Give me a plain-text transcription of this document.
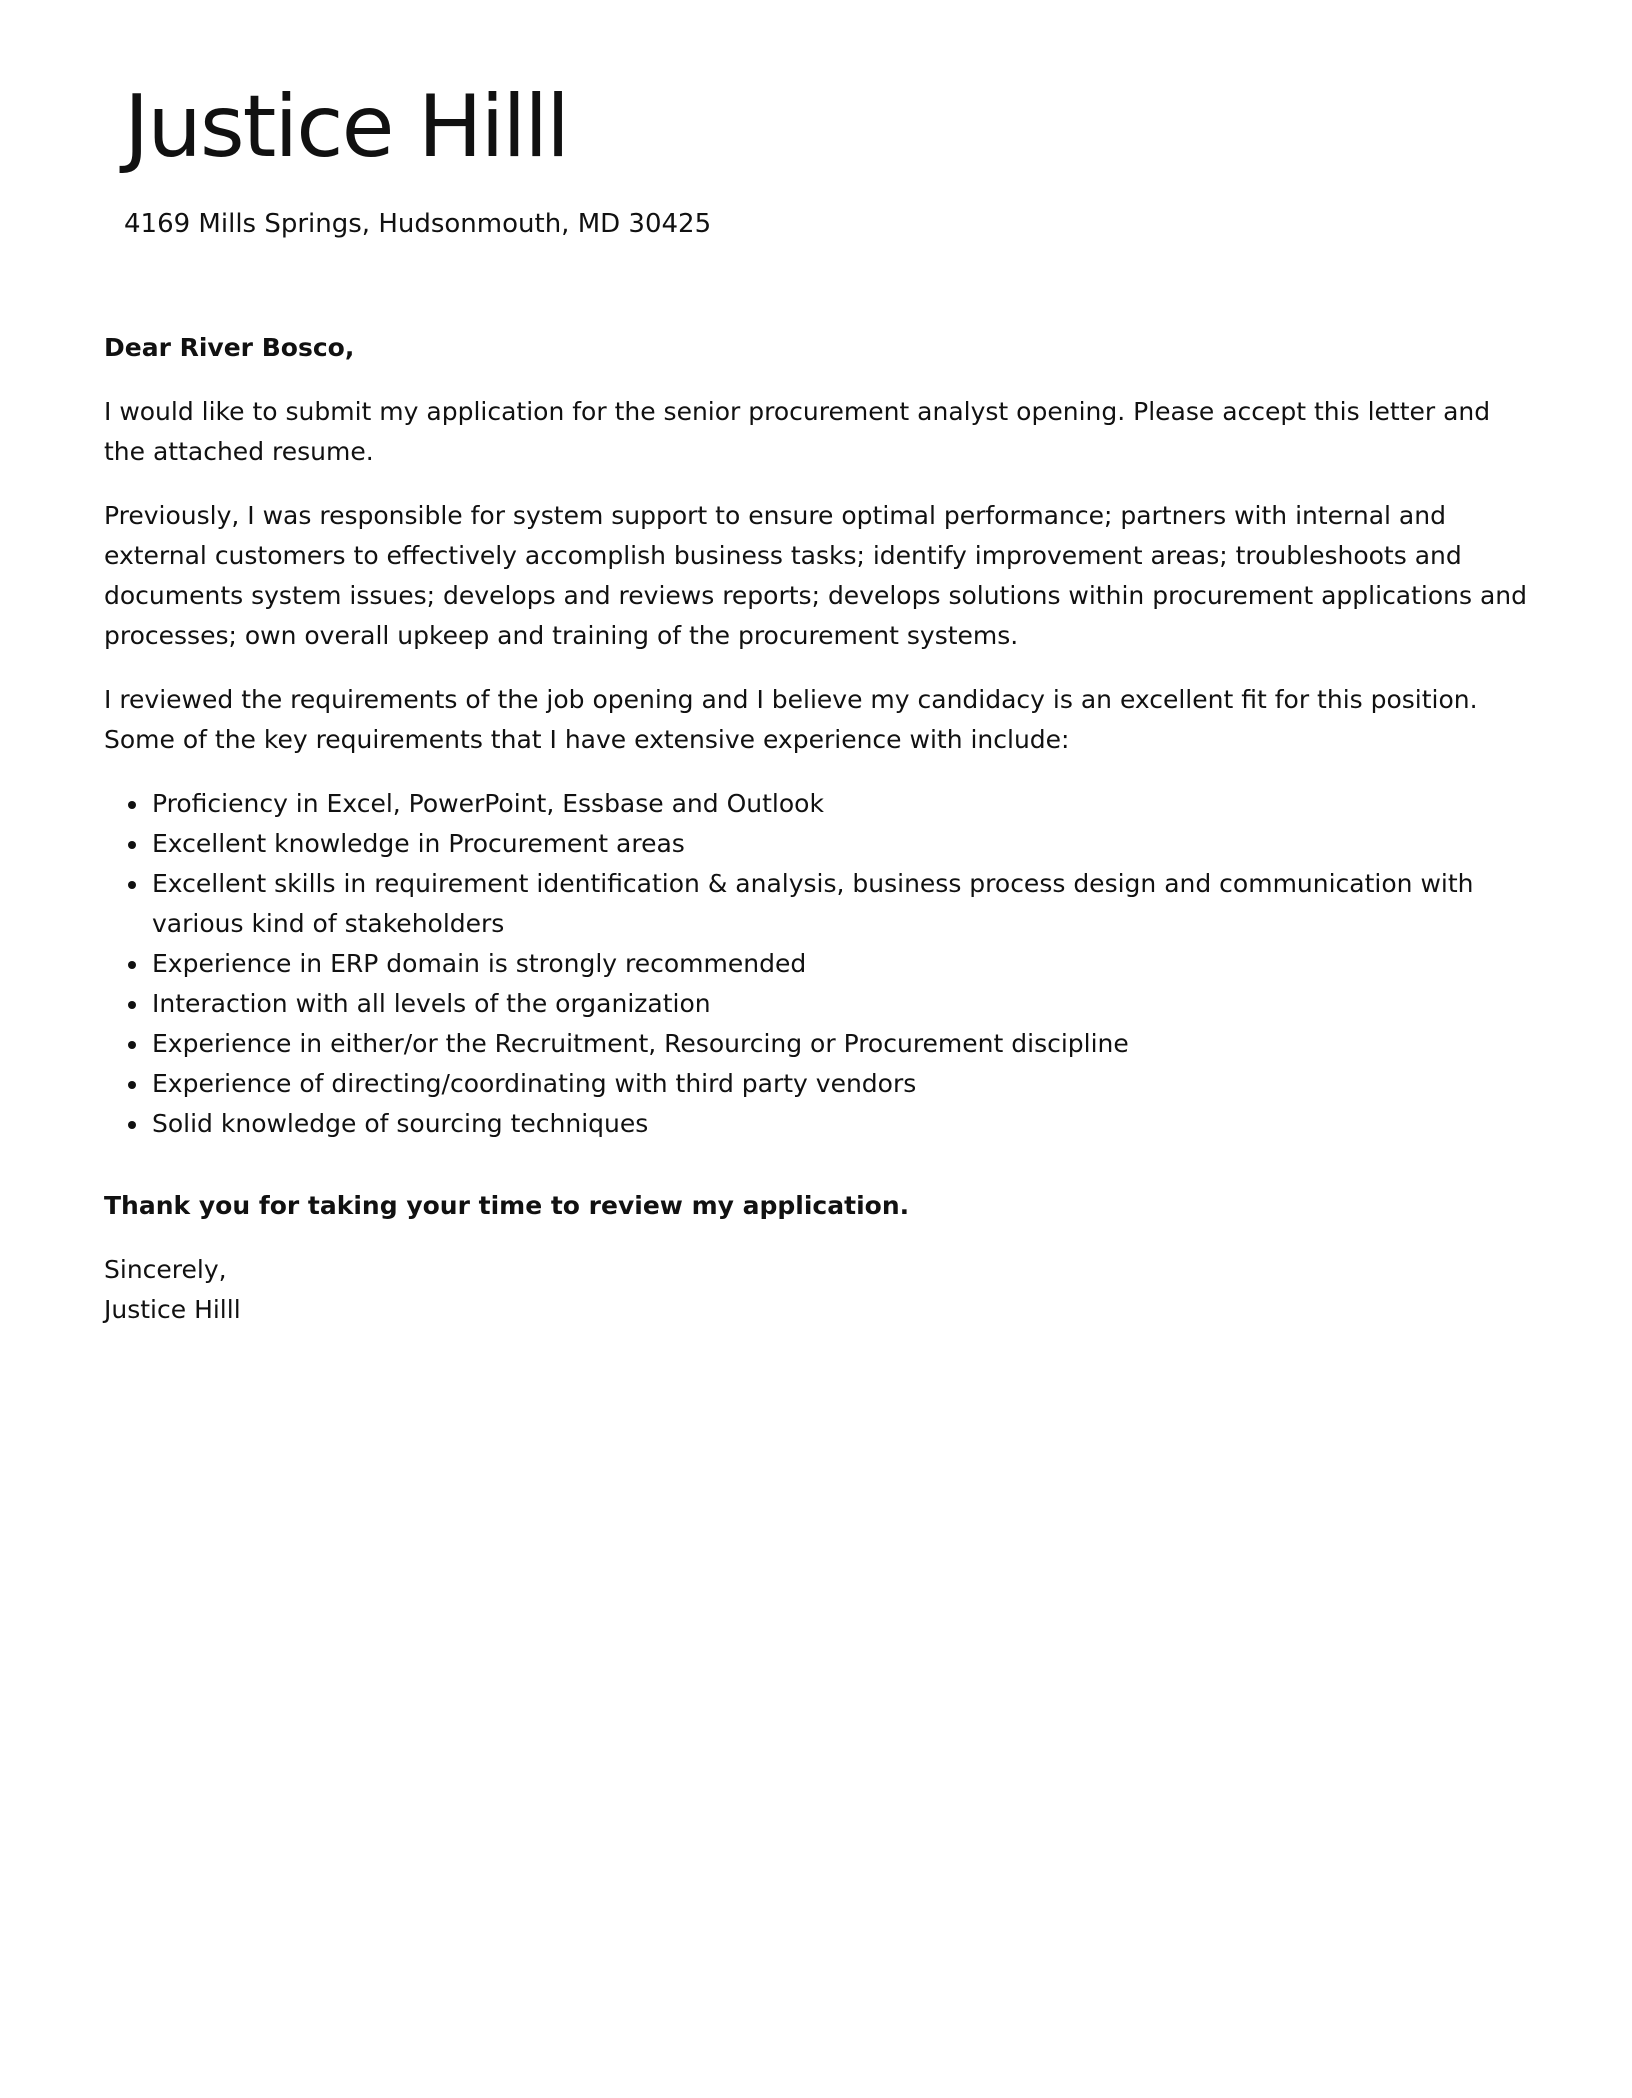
Justice Hilll
4169 Mills Springs, Hudsonmouth, MD 30425

Dear River Bosco,

I would like to submit my application for the senior procurement analyst opening. Please accept this letter and the attached resume.

Previously, I was responsible for system support to ensure optimal performance; partners with internal and external customers to effectively accomplish business tasks; identify improvement areas; troubleshoots and documents system issues; develops and reviews reports; develops solutions within procurement applications and processes; own overall upkeep and training of the procurement systems.

I reviewed the requirements of the job opening and I believe my candidacy is an excellent fit for this position. Some of the key requirements that I have extensive experience with include:

Proficiency in Excel, PowerPoint, Essbase and Outlook
Excellent knowledge in Procurement areas
Excellent skills in requirement identification & analysis, business process design and communication with various kind of stakeholders
Experience in ERP domain is strongly recommended
Interaction with all levels of the organization
Experience in either/or the Recruitment, Resourcing or Procurement discipline
Experience of directing/coordinating with third party vendors
Solid knowledge of sourcing techniques

Thank you for taking your time to review my application.

Sincerely,

Justice Hilll
